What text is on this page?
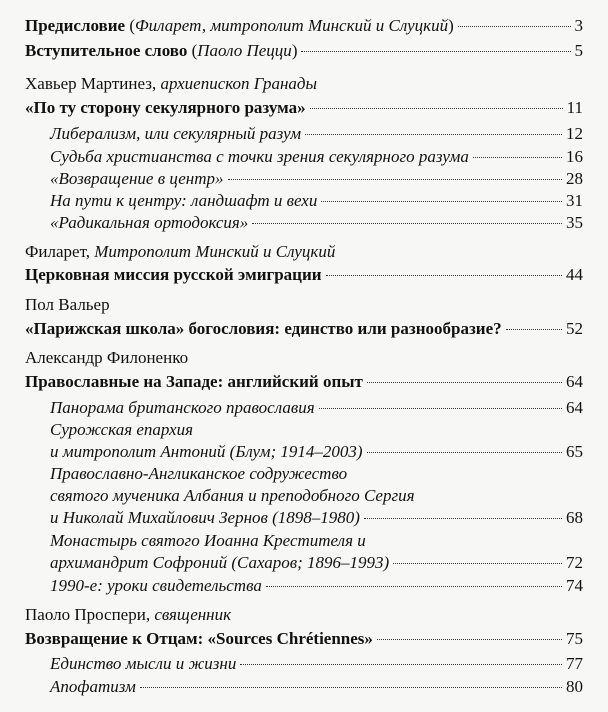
Предисловие (Филарет, митрополит Минский и Слуцкий)	3
Вступительное слово (Паоло Пецци)	5
Хавьер Мартинез, архиепископ Гранады
«По ту сторону секулярного разума»	11
Либерализм, или секулярный разум	12
Судьба христианства с точки зрения секулярного разума	16
«Возвращение в центр»	28
На пути к центру: ландшафт и вехи	31
«Радикальная ортодоксия»	35
Филарет, Митрополит Минский и Слуцкий
Церковная миссия русской эмиграции	44
Пол Вальер
«Парижская школа» богословия: единство или разнообразие?	52
Александр Филоненко
Православные на Западе: английский опыт	64
Панорама британского православия	64
Сурожская епархия
и митрополит Антоний (Блум; 1914–2003)	65
Православно-Англиканское содружество
святого мученика Албания и преподобного Сергия
и Николай Михайлович Зернов (1898–1980)	68
Монастырь святого Иоанна Крестителя и
архимандрит Софроний (Сахаров; 1896–1993)	72
1990-е: уроки свидетельства	74
Паоло Проспери, священник
Возвращение к Отцам: «Sources Chrétiennes»	75
Единство мысли и жизни	77
Апофатизм	80
